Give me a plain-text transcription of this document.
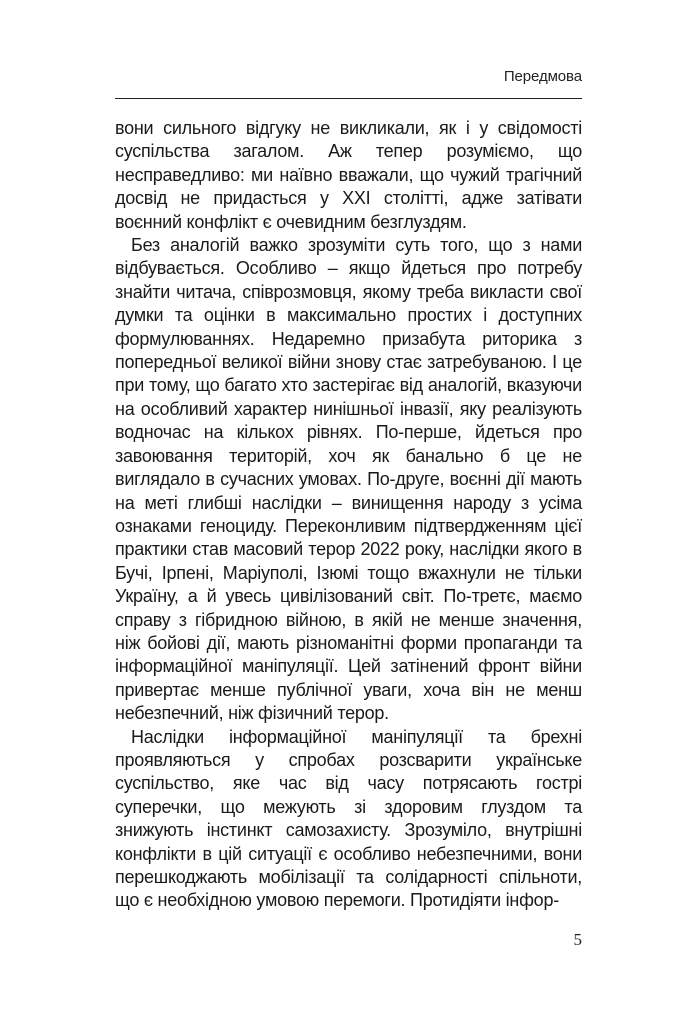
Передмова

вони сильного відгуку не викликали, як і у свідомості суспільства загалом. Аж тепер розуміємо, що несправедливо: ми наївно вважали, що чужий трагічний досвід не придасться у ХХІ столітті, адже затівати воєнний конфлікт є очевидним безглуздям.

Без аналогій важко зрозуміти суть того, що з нами відбувається. Особливо – якщо йдеться про потребу знайти читача, співрозмовця, якому треба викласти свої думки та оцінки в максимально простих і доступних формулюваннях. Недаремно призабута риторика з попередньої великої війни знову стає затребуваною. І це при тому, що багато хто застерігає від аналогій, вказуючи на особливий характер нинішньої інвазії, яку реалізують водночас на кількох рівнях. По-перше, йдеться про завоювання територій, хоч як банально б це не виглядало в сучасних умовах. По-друге, воєнні дії мають на меті глибші наслідки – винищення народу з усіма ознаками геноциду. Переконливим підтвердженням цієї практики став масовий терор 2022 року, наслідки якого в Бучі, Ірпені, Маріуполі, Ізюмі тощо вжахнули не тільки Україну, а й увесь цивілізований світ. По-третє, маємо справу з гібридною війною, в якій не менше значення, ніж бойові дії, мають різноманітні форми пропаганди та інформаційної маніпуляції. Цей затінений фронт війни привертає менше публічної уваги, хоча він не менш небезпечний, ніж фізичний терор.

Наслідки інформаційної маніпуляції та брехні проявляються у спробах розсварити українське суспільство, яке час від часу потрясають гострі суперечки, що межують зі здоровим глуздом та знижують інстинкт самозахисту. Зрозуміло, внутрішні конфлікти в цій ситуації є особливо небезпечними, вони перешкоджають мобілізації та солідарності спільноти, що є необхідною умовою перемоги. Протидіяти інфор-

5
